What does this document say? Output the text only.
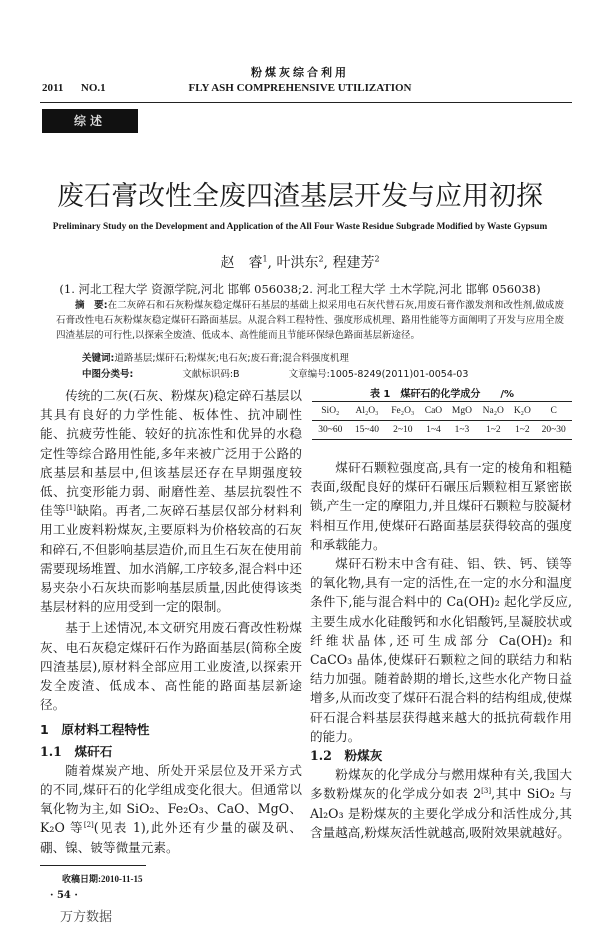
粉煤灰综合利用
2011  NO.1	FLY ASH COMPREHENSIVE UTILIZATION
综述
废石膏改性全废四渣基层开发与应用初探
Preliminary Study on the Development and Application of the All Four Waste Residue Subgrade Modified by Waste Gypsum
赵　睿$^1$, 叶洪东$^2$, 程建芳$^2$
(1. 河北工程大学 资源学院,河北 邯郸 056038;2. 河北工程大学 土木学院,河北 邯郸 056038)
摘　要:在二灰碎石和石灰粉煤灰稳定煤矸石基层的基础上拟采用电石灰代替石灰,用废石膏作激发剂和改性剂,做成废石膏改性电石灰粉煤灰稳定煤矸石路面基层。从混合料工程特性、强度形成机理、路用性能等方面阐明了开发与应用全废四渣基层的可行性,以探索全废渣、低成本、高性能而且节能环保绿色路面基层新途径。
关键词:道路基层;煤矸石;粉煤灰;电石灰;废石膏;混合料强度机理
中图分类号:	文献标识码:B	文章编号:1005-8249(2011)01-0054-03

传统的二灰(石灰、粉煤灰)稳定碎石基层以其具有良好的力学性能、板体性、抗冲刷性能、抗疲劳性能、较好的抗冻性和优异的水稳定性等综合路用性能,多年来被广泛用于公路的底基层和基层中,但该基层还存在早期强度较低、抗变形能力弱、耐磨性差、基层抗裂性不佳等[1]缺陷。再者,二灰碎石基层仅部分材料利用工业废料粉煤灰,主要原料为价格较高的石灰和碎石,不但影响基层造价,而且生石灰在使用前需要现场堆置、加水消解,工序较多,混合料中还易夹杂小石灰块而影响基层质量,因此使得该类基层材料的应用受到一定的限制。

基于上述情况,本文研究用废石膏改性粉煤灰、电石灰稳定煤矸石作为路面基层(简称全废四渣基层),原材料全部应用工业废渣,以探索开发全废渣、低成本、高性能的路面基层新途径。

1　原材料工程特性
1.1　煤矸石

随着煤炭产地、所处开采层位及开采方式的不同,煤矸石的化学组成变化很大。但通常以氧化物为主,如 SiO₂、Fe₂O₃、CaO、MgO、K₂O 等[2](见表 1),此外还有少量的碳及矾、硼、镍、铍等微量元素。

收稿日期:2010-11-15
· 54 ·
万方数据
表 1　煤矸石的化学成分　　/%
SiO₂	Al₂O₃	Fe₂O₃	CaO	MgO	Na₂O	K₂O	C
30~60	15~40	2~10	1~4	1~3	1~2	1~2	20~30

煤矸石颗粒强度高,具有一定的棱角和粗糙表面,级配良好的煤矸石碾压后颗粒相互紧密嵌锁,产生一定的摩阻力,并且煤矸石颗粒与胶凝材料相互作用,使煤矸石路面基层获得较高的强度和承载能力。

煤矸石粉末中含有硅、铝、铁、钙、镁等的氧化物,具有一定的活性,在一定的水分和温度条件下,能与混合料中的 Ca(OH)₂ 起化学反应,主要生成水化硅酸钙和水化铝酸钙,呈凝胶状或纤维状晶体,还可生成部分 Ca(OH)₂ 和 CaCO₃ 晶体,使煤矸石颗粒之间的联结力和粘结力加强。随着龄期的增长,这些水化产物日益增多,从而改变了煤矸石混合料的结构组成,使煤矸石混合料基层获得越来越大的抵抗荷载作用的能力。

1.2　粉煤灰

粉煤灰的化学成分与燃用煤种有关,我国大多数粉煤灰的化学成分如表 2[3],其中 SiO₂ 与 Al₂O₃ 是粉煤灰的主要化学成分和活性成分,其含量越高,粉煤灰活性就越高,吸附效果就越好。
